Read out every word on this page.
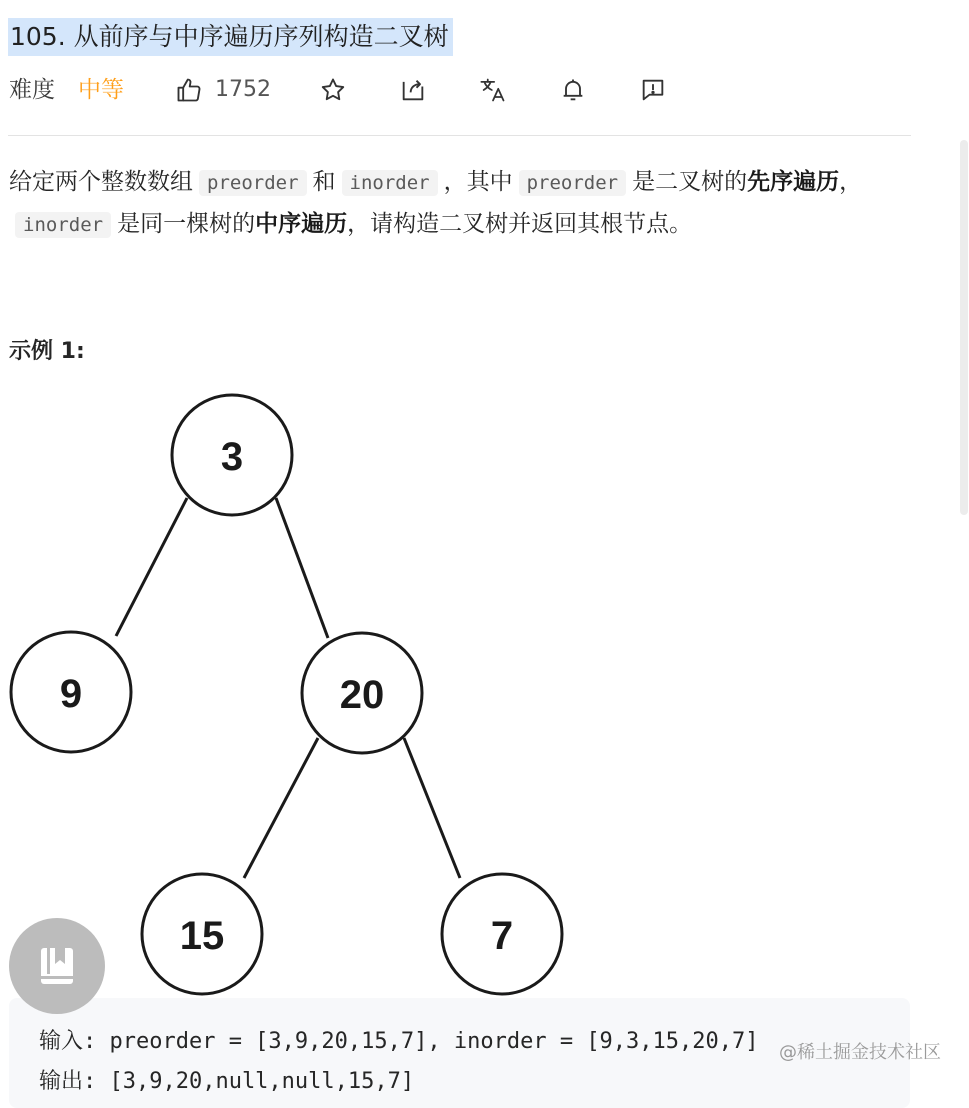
105. 从前序与中序遍历序列构造二叉树
难度 中等	1752
给定两个整数数组 preorder 和 inorder ，其中 preorder 是二叉树的先序遍历，inorder 是同一棵树的中序遍历，请构造二叉树并返回其根节点。
示例 1:
3
9	20
15	7
输入: preorder = [3,9,20,15,7], inorder = [9,3,15,20,7]
输出: [3,9,20,null,null,15,7]
@稀土掘金技术社区
